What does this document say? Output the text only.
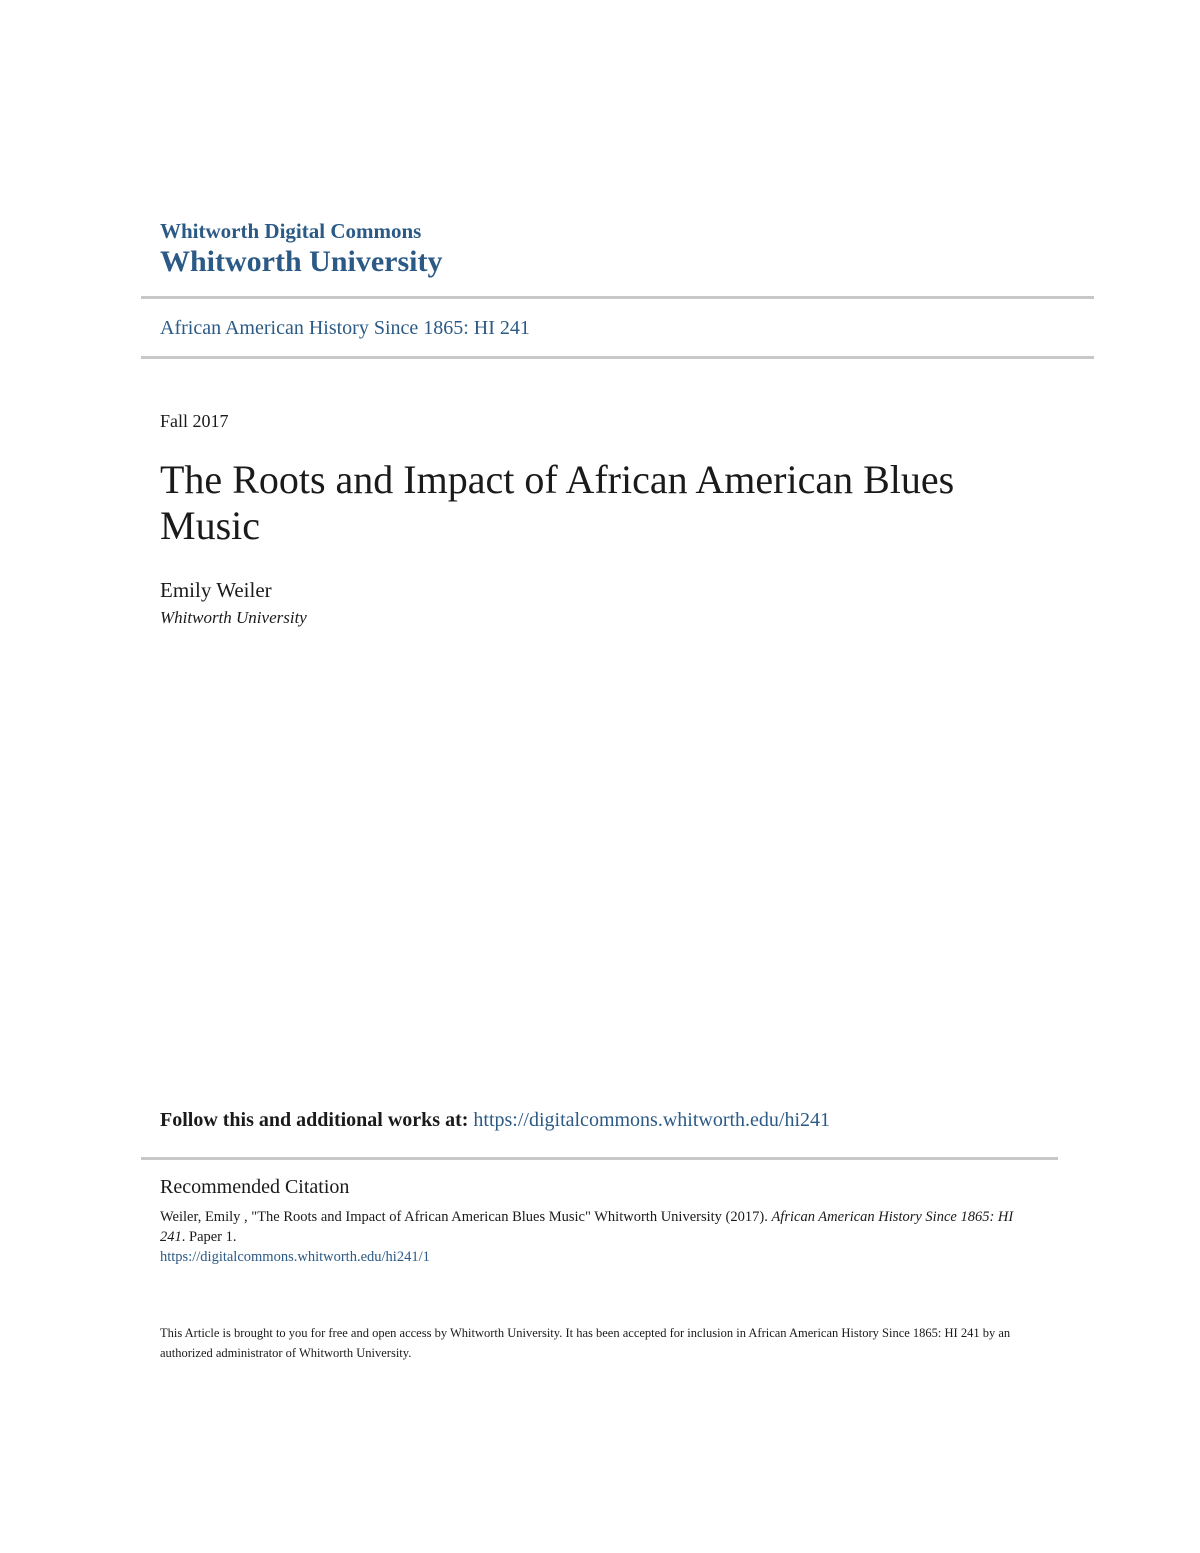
Whitworth Digital Commons
Whitworth University
African American History Since 1865: HI 241
Fall 2017
The Roots and Impact of African American Blues Music
Emily Weiler
Whitworth University
Follow this and additional works at: https://digitalcommons.whitworth.edu/hi241
Recommended Citation
Weiler, Emily , "The Roots and Impact of African American Blues Music" Whitworth University (2017). African American History Since 1865: HI 241. Paper 1.
https://digitalcommons.whitworth.edu/hi241/1
This Article is brought to you for free and open access by Whitworth University. It has been accepted for inclusion in African American History Since 1865: HI 241 by an authorized administrator of Whitworth University.
